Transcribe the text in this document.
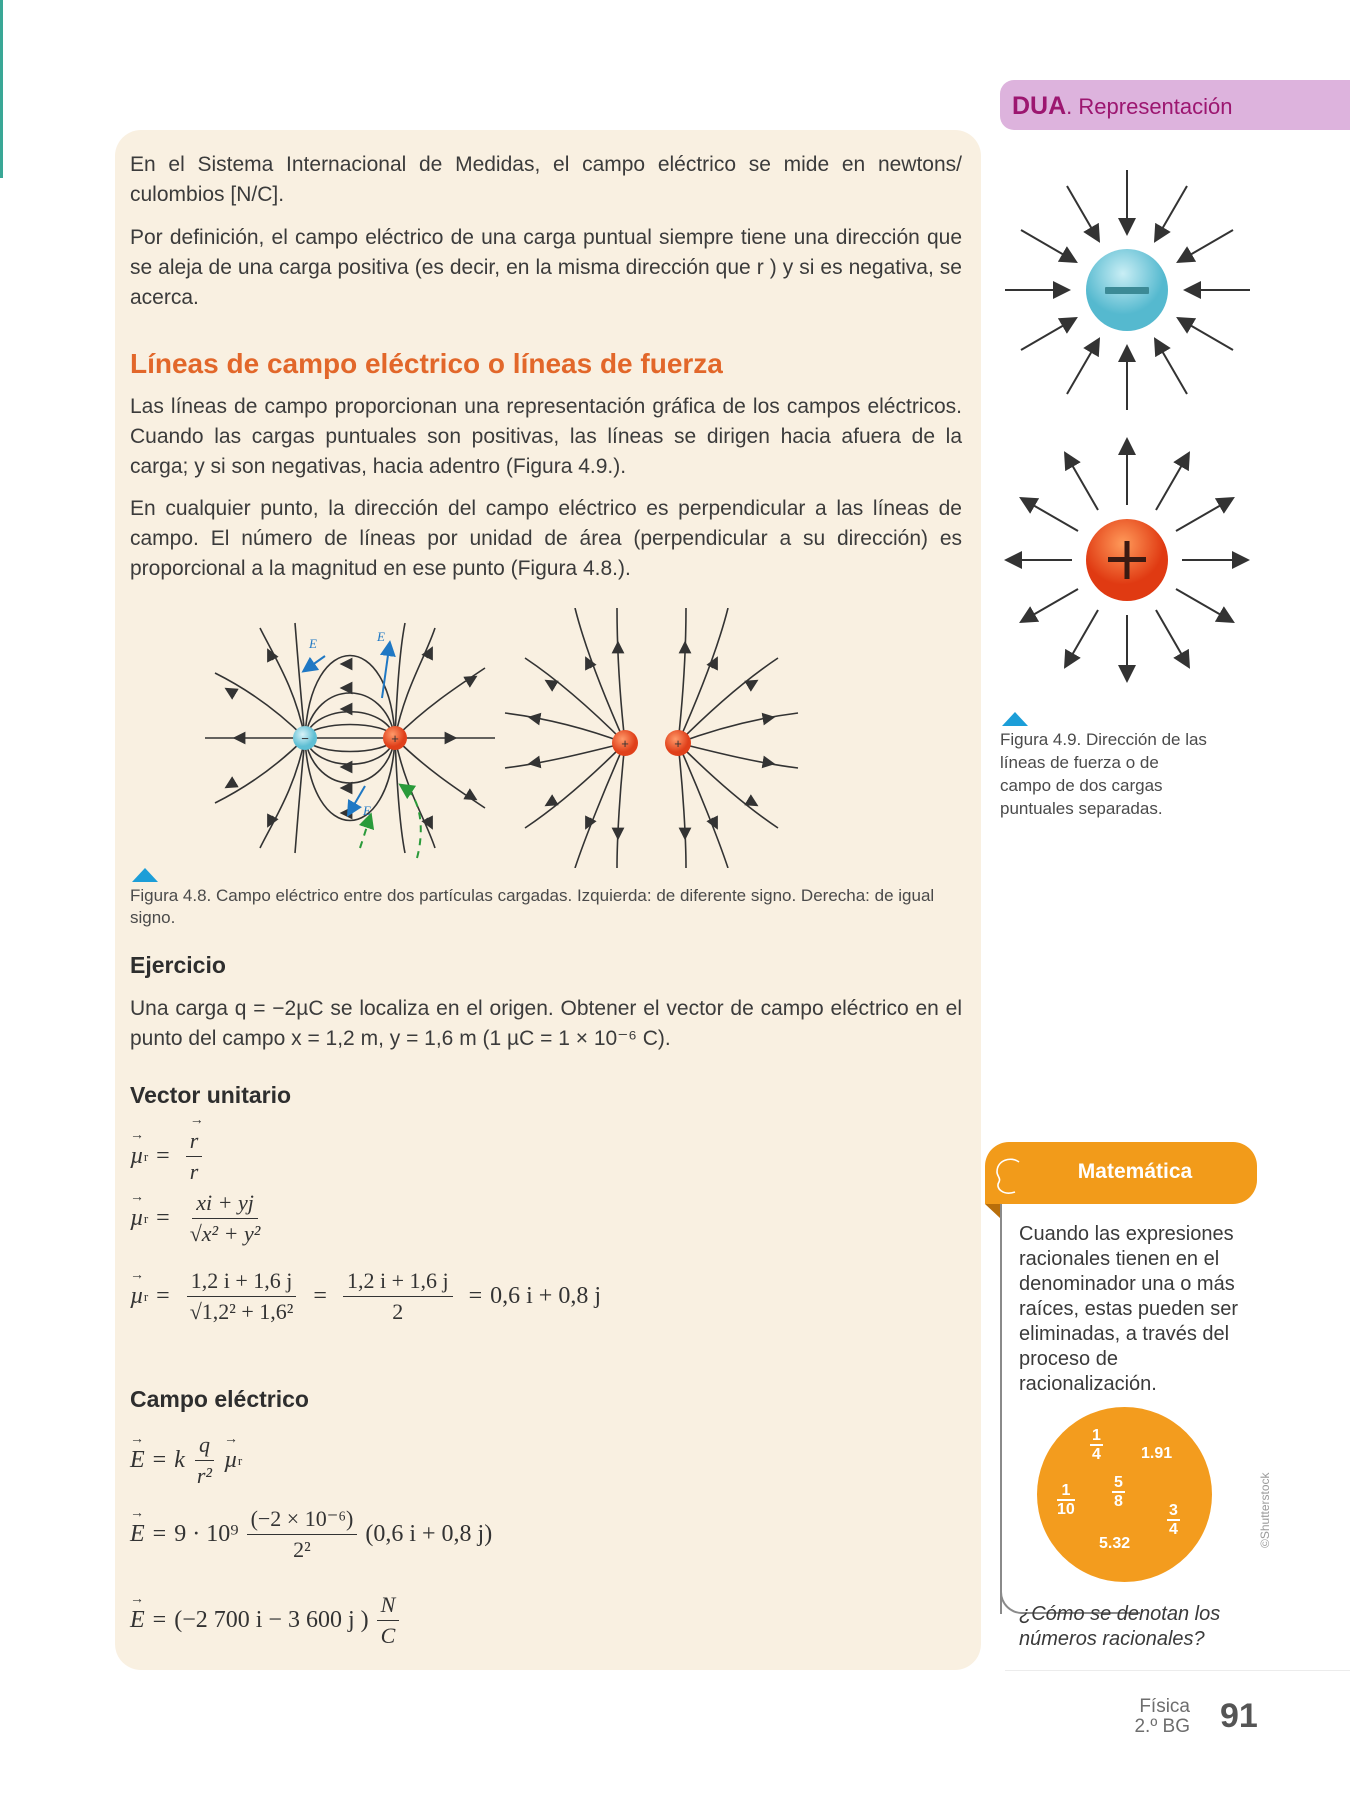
En el Sistema Internacional de Medidas, el campo eléctrico se mide en newtons/ culombios [N/C].
Por definición, el campo eléctrico de una carga puntual siempre tiene una dirección que se aleja de una carga positiva (es decir, en la misma dirección que r ) y si es negativa, se acerca.
Líneas de campo eléctrico o líneas de fuerza
Las líneas de campo proporcionan una representación gráfica de los campos eléctricos. Cuando las cargas puntuales son positivas, las líneas se dirigen hacia afuera de la carga; y si son negativas, hacia adentro (Figura 4.9.).
En cualquier punto, la dirección del campo eléctrico es perpendicular a las líneas de campo. El número de líneas por unidad de área (perpendicular a su dirección) es proporcional a la magnitud en ese punto (Figura 4.8.).
E	E
E
−	+	+	+
Figura 4.8. Campo eléctrico entre dos partículas cargadas. Izquierda: de diferente signo. Derecha: de igual signo.
Ejercicio
Una carga q = −2µC se localiza en el origen. Obtener el vector de campo eléctrico en el punto del campo x = 1,2 m, y = 1,6 m (1 µC = 1 × 10⁻⁶ C).
Vector unitario
→ µ r = → $\frac{r}{r}$
→ µ $r = \frac{xi + yj}{\text{√x² + y²}}$
→ µ $r = \frac{1,2 i + 1,6 j}{\text{√1,2² + 1,6²}} = \frac{1,2 i + 1,6 j}{2} = 0,6$ i + 0,8 j
Campo eléctrico
→ E = k $\frac{q}{\text{r²}} \to \mu$ r
→ $E = 9 \cdot 10^9 \frac{\text{(−2 × 10⁻⁶)}}{\text{2²}} (0,6$ i + 0,8 j)
→ E = (−2 700 i − 3 600 j ) $\frac{N}{C}$
DUA. Representación
Figura 4.9. Dirección de las líneas de fuerza o de campo de dos cargas puntuales separadas.
Matemática
Cuando las expresiones racionales tienen en el denominador una o más raíces, estas pueden ser eliminadas, a través del proceso de racionalización.
1
4	1.91
1
10
5
8
3
4
5.32
¿Cómo se denotan los números racionales?
©Shutterstock
Física
2.º BG 91
